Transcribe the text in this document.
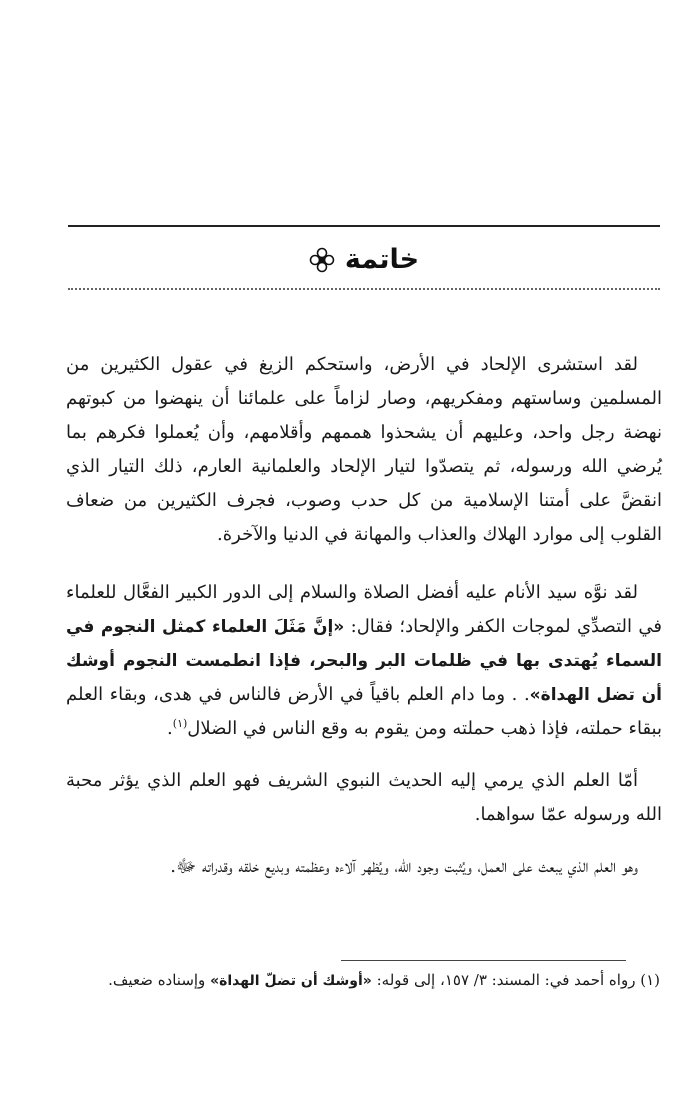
خاتمة

لقد استشرى الإلحاد في الأرض، واستحكم الزيغ في عقول الكثيرين من المسلمين وساستهم ومفكريهم، وصار لزاماً على علمائنا أن ينهضوا من كبوتهم نهضة رجل واحد، وعليهم أن يشحذوا هممهم وأقلامهم، وأن يُعملوا فكرهم بما يُرضي الله ورسوله، ثم يتصدّوا لتيار الإلحاد والعلمانية العارم، ذلك التيار الذي انقضَّ على أمتنا الإسلامية من كل حدب وصوب، فجرف الكثيرين من ضعاف القلوب إلى موارد الهلاك والعذاب والمهانة في الدنيا والآخرة.

لقد نوَّه سيد الأنام عليه أفضل الصلاة والسلام إلى الدور الكبير الفعَّال للعلماء في التصدِّي لموجات الكفر والإلحاد؛ فقال: «إنَّ مَثَلَ العلماء كمثل النجوم في السماء يُهتدى بها في ظلمات البر والبحر، فإذا انطمست النجوم أوشك أن تضل الهداة». . وما دام العلم باقياً في الأرض فالناس في هدى، وبقاء العلم ببقاء حملته، فإذا ذهب حملته ومن يقوم به وقع الناس في الضلال$^{(١)}$.

أمّا العلم الذي يرمي إليه الحديث النبوي الشريف فهو العلم الذي يؤثر محبة الله ورسوله عمّا سواهما.

وهو العلم الذي يبعث على العمل، ويُثبت وجود الله، ويُظهر آلاءه وعظمته وبديع خلقه وقدراته ﷻ.

(١) رواه أحمد في: المسند: ٣/ ١٥٧، إلى قوله: «أوشك أن تضلّ الهداة» وإسناده ضعيف.
